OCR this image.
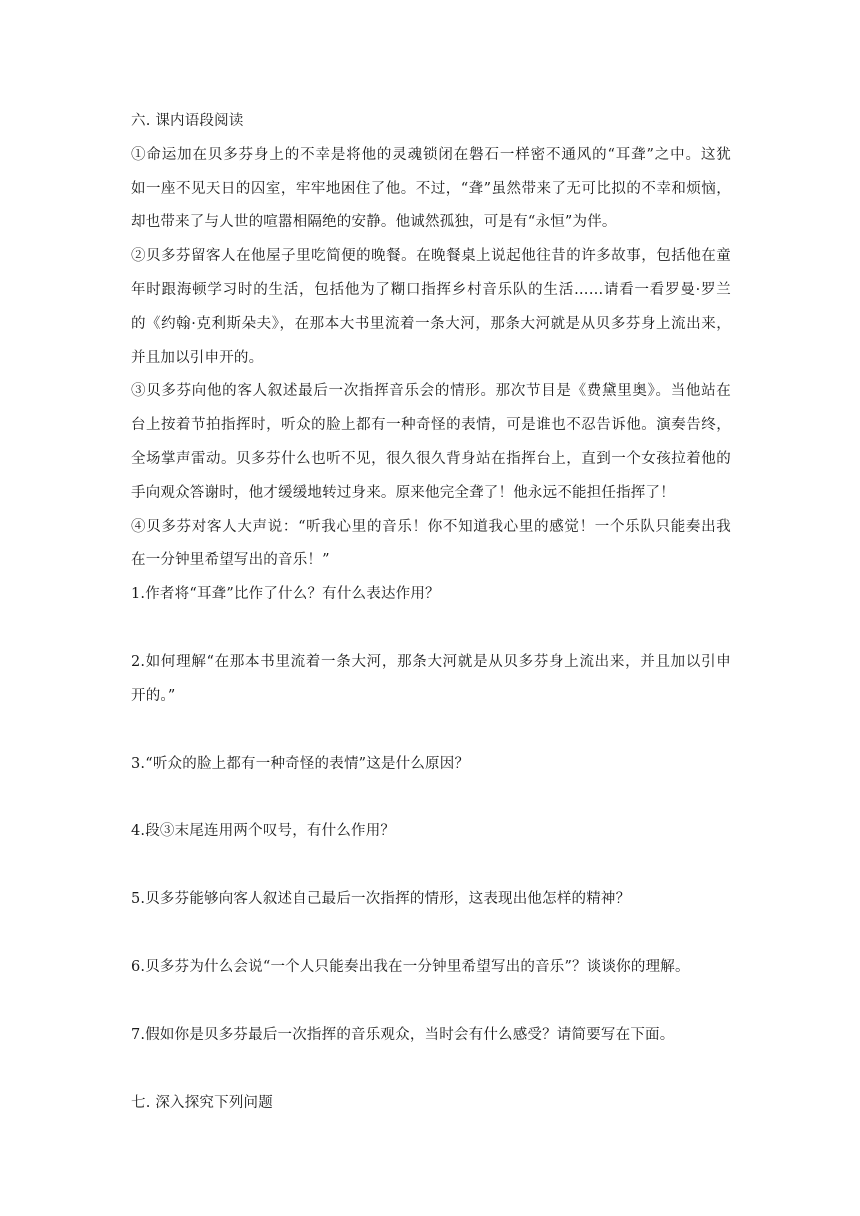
六. 课内语段阅读
①命运加在贝多芬身上的不幸是将他的灵魂锁闭在磐石一样密不通风的“耳聋”之中。这犹
如一座不见天日的囚室，牢牢地困住了他。不过，“聋”虽然带来了无可比拟的不幸和烦恼，
却也带来了与人世的喧嚣相隔绝的安静。他诚然孤独，可是有“永恒”为伴。
②贝多芬留客人在他屋子里吃简便的晚餐。在晚餐桌上说起他往昔的许多故事，包括他在童
年时跟海顿学习时的生活，包括他为了糊口指挥乡村音乐队的生活……请看一看罗曼·罗兰
的《约翰·克利斯朵夫》，在那本大书里流着一条大河，那条大河就是从贝多芬身上流出来，
并且加以引申开的。
③贝多芬向他的客人叙述最后一次指挥音乐会的情形。那次节目是《费黛里奥》。当他站在
台上按着节拍指挥时，听众的脸上都有一种奇怪的表情，可是谁也不忍告诉他。演奏告终，
全场掌声雷动。贝多芬什么也听不见，很久很久背身站在指挥台上，直到一个女孩拉着他的
手向观众答谢时，他才缓缓地转过身来。原来他完全聋了！他永远不能担任指挥了！
④贝多芬对客人大声说：“听我心里的音乐！你不知道我心里的感觉！一个乐队只能奏出我
在一分钟里希望写出的音乐！”
1.作者将“耳聋”比作了什么？有什么表达作用？
2.如何理解“在那本书里流着一条大河，那条大河就是从贝多芬身上流出来，并且加以引申
开的。”
3.“听众的脸上都有一种奇怪的表情”这是什么原因？
4.段③末尾连用两个叹号，有什么作用？
5.贝多芬能够向客人叙述自己最后一次指挥的情形，这表现出他怎样的精神？
6.贝多芬为什么会说“一个人只能奏出我在一分钟里希望写出的音乐”？谈谈你的理解。
7.假如你是贝多芬最后一次指挥的音乐观众，当时会有什么感受？请简要写在下面。
七. 深入探究下列问题
